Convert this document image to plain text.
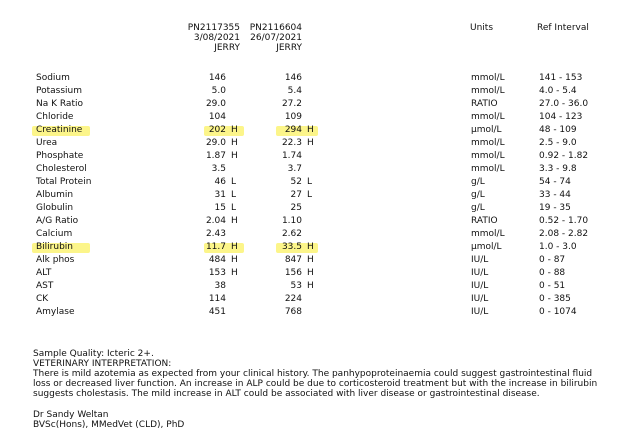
PN2117355
3/08/2021
JERRY
PN2116604
26/07/2021
JERRY
Units	Ref Interval
Sodium	146	146	mmol/L	141 - 153
Potassium	5.0	5.4	mmol/L	4.0 - 5.4
Na K Ratio	29.0	27.2	RATIO	27.0 - 36.0
Chloride	104	109	mmol/L	104 - 123
Creatinine	202 H	294 H	μmol/L	48 - 109
Urea	29.0 H	22.3 H	mmol/L	2.5 - 9.0
Phosphate	1.87 H	1.74	mmol/L	0.92 - 1.82
Cholesterol	3.5	3.7	mmol/L	3.3 - 9.8
Total Protein	46 L	52 L	g/L	54 - 74
Albumin	31 L	27 L	g/L	33 - 44
Globulin	15 L	25	g/L	19 - 35
A/G Ratio	2.04 H	1.10	RATIO	0.52 - 1.70
Calcium	2.43	2.62	mmol/L	2.08 - 2.82
Bilirubin	11.7 H	33.5 H	μmol/L	1.0 - 3.0
Alk phos	484 H	847 H	IU/L	0 - 87
ALT	153 H	156 H	IU/L	0 - 88
AST	38	53 H	IU/L	0 - 51
CK	114	224	IU/L	0 - 385
Amylase	451	768	IU/L	0 - 1074
Sample Quality: Icteric 2+.
VETERINARY INTERPRETATION:
There is mild azotemia as expected from your clinical history. The panhypoproteinaemia could suggest gastrointestinal fluid loss or decreased liver function. An increase in ALP could be due to corticosteroid treatment but with the increase in bilirubin suggests cholestasis. The mild increase in ALT could be associated with liver disease or gastrointestinal disease.
Dr Sandy Weltan
BVSc(Hons), MMedVet (CLD), PhD
